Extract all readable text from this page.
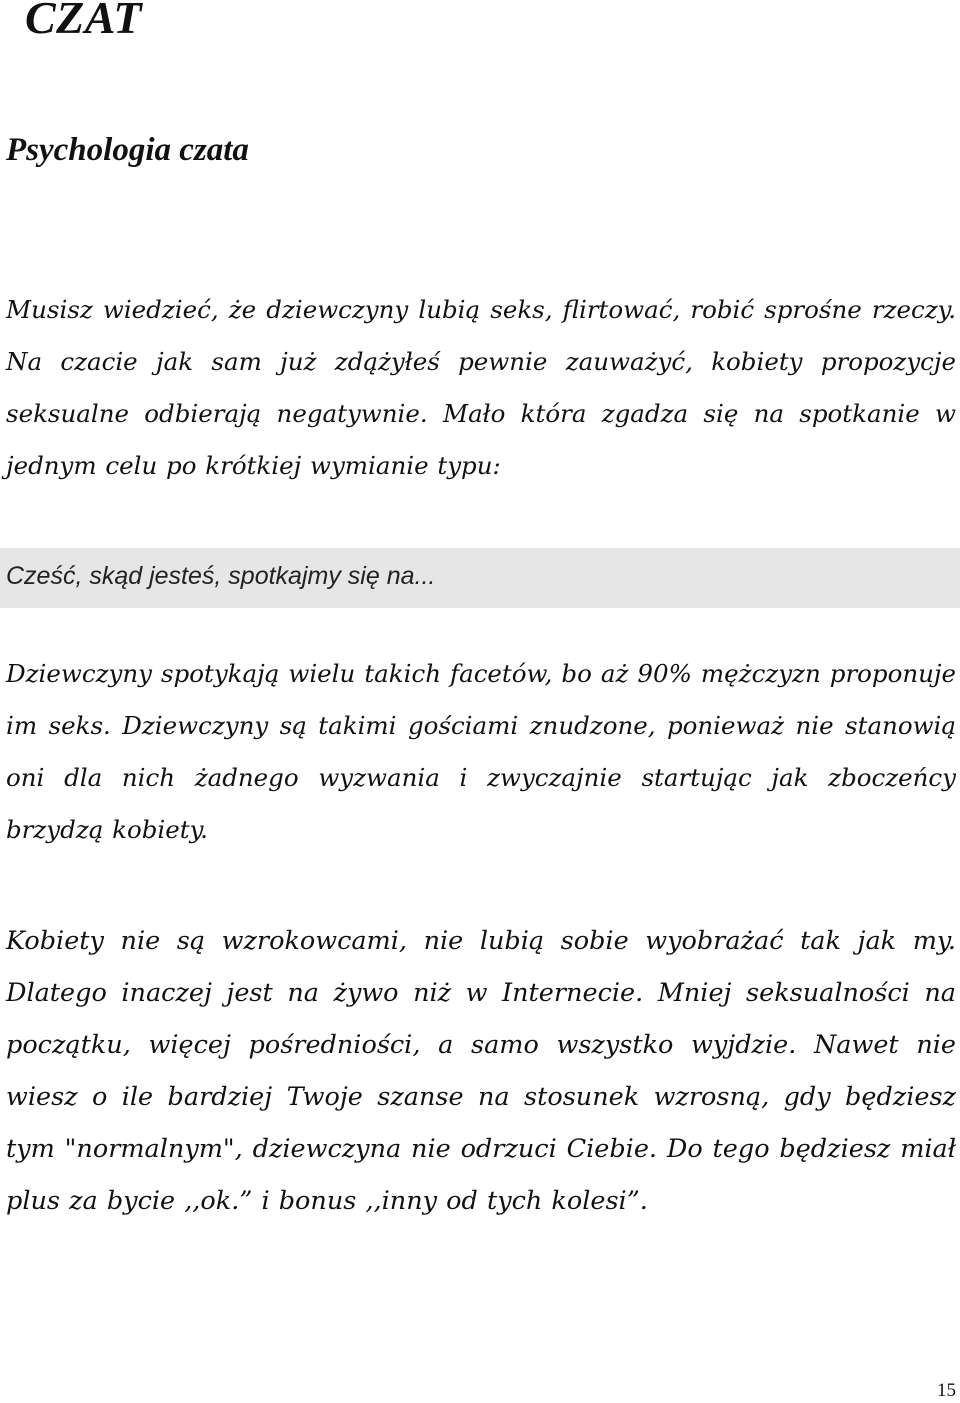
CZAT
Psychologia czata

Musisz wiedzieć, że dziewczyny lubią seks, flirtować, robić sprośne rzeczy. Na czacie jak sam już zdążyłeś pewnie zauważyć, kobiety propozycje seksualne odbierają negatywnie. Mało która zgadza się na spotkanie w jednym celu po krótkiej wymianie typu:

Cześć, skąd jesteś, spotkajmy się na...

Dziewczyny spotykają wielu takich facetów, bo aż 90% mężczyzn proponuje im seks. Dziewczyny są takimi gościami znudzone, ponieważ nie stanowią oni dla nich żadnego wyzwania i zwyczajnie startując jak zboczeńcy brzydzą kobiety.

Kobiety nie są wzrokowcami, nie lubią sobie wyobrażać tak jak my. Dlatego inaczej jest na żywo niż w Internecie. Mniej seksualności na początku, więcej pośredniości, a samo wszystko wyjdzie. Nawet nie wiesz o ile bardziej Twoje szanse na stosunek wzrosną, gdy będziesz tym "normalnym", dziewczyna nie odrzuci Ciebie. Do tego będziesz miał plus za bycie ,,ok.” i bonus ,,inny od tych kolesi”.

15
